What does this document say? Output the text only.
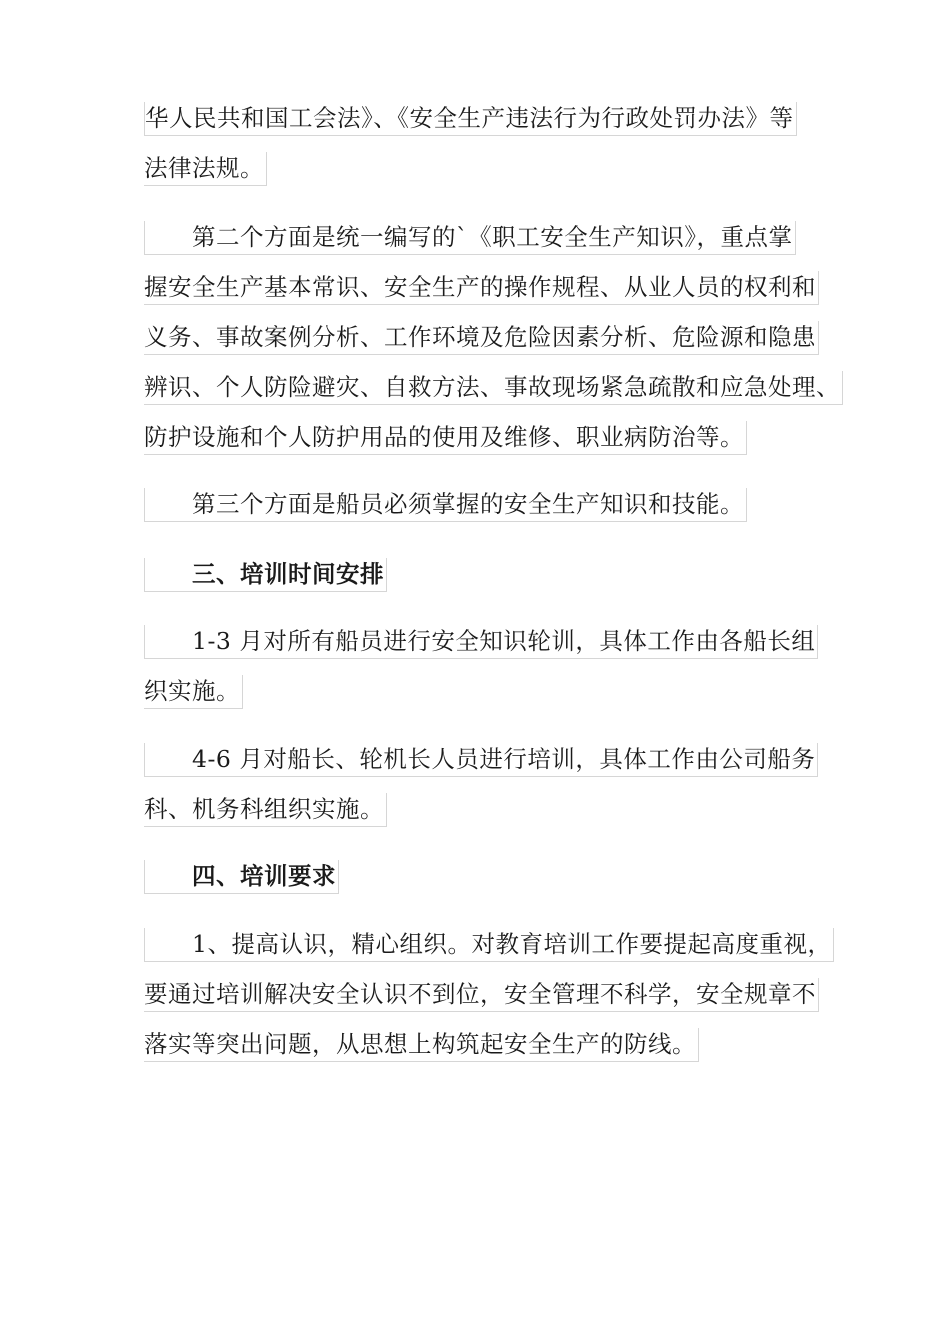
华人民共和国工会法》、《安全生产违法行为行政处罚办法》等
法律法规。
第二个方面是统一编写的`《职工安全生产知识》，重点掌
握安全生产基本常识、安全生产的操作规程、从业人员的权利和
义务、事故案例分析、工作环境及危险因素分析、危险源和隐患
辨识、个人防险避灾、自救方法、事故现场紧急疏散和应急处理、
防护设施和个人防护用品的使用及维修、职业病防治等。
第三个方面是船员必须掌握的安全生产知识和技能。
三、培训时间安排
1-3 月对所有船员进行安全知识轮训，具体工作由各船长组
织实施。
4-6 月对船长、轮机长人员进行培训，具体工作由公司船务
科、机务科组织实施。
四、培训要求
1、提高认识，精心组织。对教育培训工作要提起高度重视，
要通过培训解决安全认识不到位，安全管理不科学，安全规章不
落实等突出问题，从思想上构筑起安全生产的防线。
